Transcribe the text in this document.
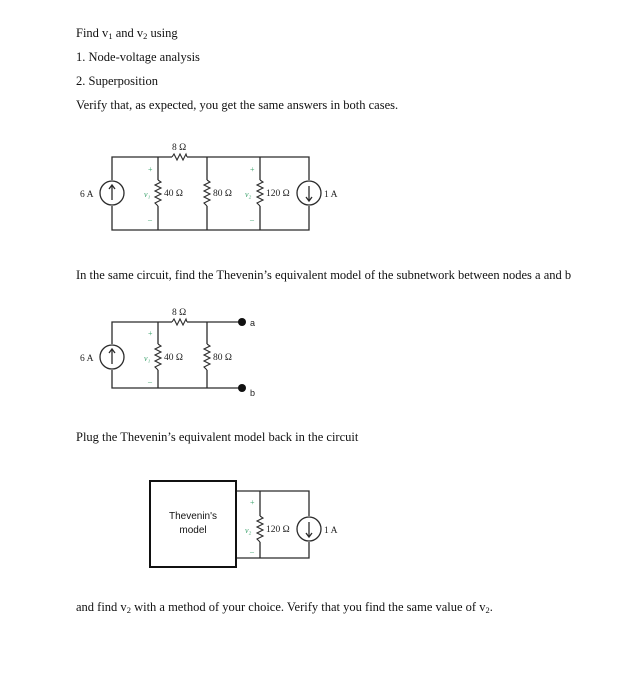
Find $v_1$ and $v_2$ using
1. Node-voltage analysis
2. Superposition
Verify that, as expected, you get the same answers in both cases.
8 Ω
40 Ω
+
v₁
–
80 Ω	120 Ω
+
v₂
–
6 A	1 A
In the same circuit, find the Thevenin’s equivalent model of the subnetwork between nodes a and b
8 Ω
40 Ω
+
v₁
–
80 Ω
6 A
a
b
Plug the Thevenin’s equivalent model back in the circuit
120 Ω
+
v₂
–
1 A
Thevenin's
model
and find $v_2$ with a method of your choice. Verify that you find the same value of $v_2$.
